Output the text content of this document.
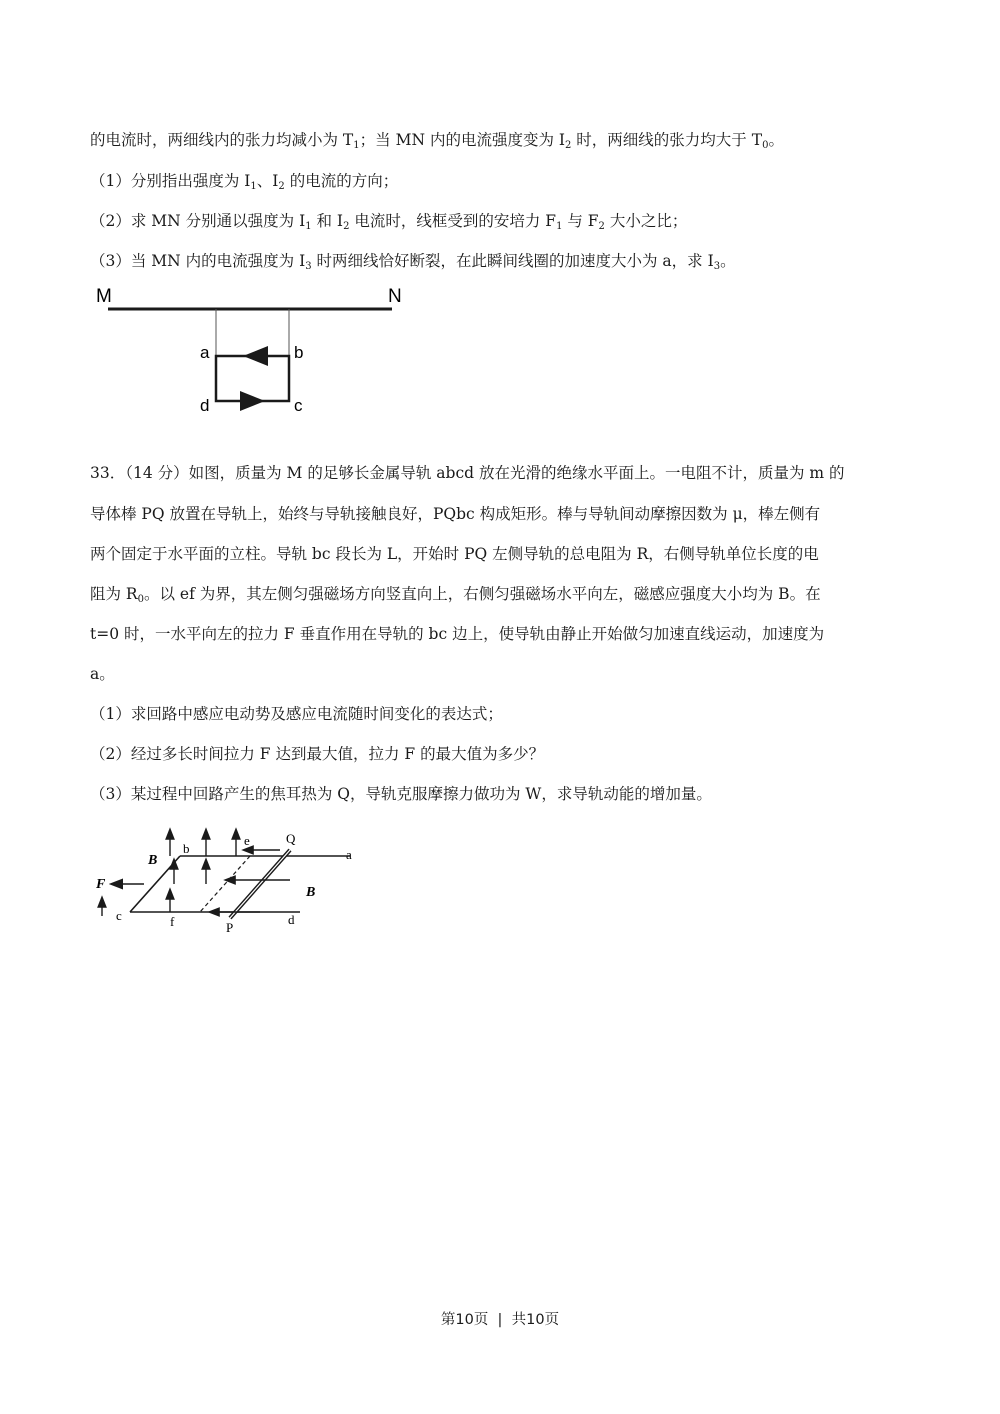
的电流时，两细线内的张力均减小为 $T_1$；当 MN 内的电流强度变为 $I_2$ 时，两细线的张力均大于 $T_0$。
（1）分别指出强度为 $I_1$、$I_2$ 的电流的方向；
（2）求 MN 分别通以强度为 $I_1$ 和 $I_2$ 电流时，线框受到的安培力 $F_1$ 与 $F_2$ 大小之比；
（3）当 MN 内的电流强度为 $I_3$ 时两细线恰好断裂，在此瞬间线圈的加速度大小为 a，求 $I_3$。
M	N
a	b
d	c
33．（14 分）如图，质量为 M 的足够长金属导轨 abcd 放在光滑的绝缘水平面上。一电阻不计，质量为 m 的
导体棒 PQ 放置在导轨上，始终与导轨接触良好，PQbc 构成矩形。棒与导轨间动摩擦因数为 μ，棒左侧有
两个固定于水平面的立柱。导轨 bc 段长为 L，开始时 PQ 左侧导轨的总电阻为 R，右侧导轨单位长度的电
阻为 $R_0$。以 ef 为界，其左侧匀强磁场方向竖直向上，右侧匀强磁场水平向左，磁感应强度大小均为 B。在
t=0 时，一水平向左的拉力 F 垂直作用在导轨的 bc 边上，使导轨由静止开始做匀加速直线运动，加速度为
a。
（1）求回路中感应电动势及感应电流随时间变化的表达式；
（2）经过多长时间拉力 F 达到最大值，拉力 F 的最大值为多少？
（3）某过程中回路产生的焦耳热为 Q，导轨克服摩擦力做功为 W，求导轨动能的增加量。
e	Q
a
b
B
F
B
c	f	P
d
第10页 | 共10页
